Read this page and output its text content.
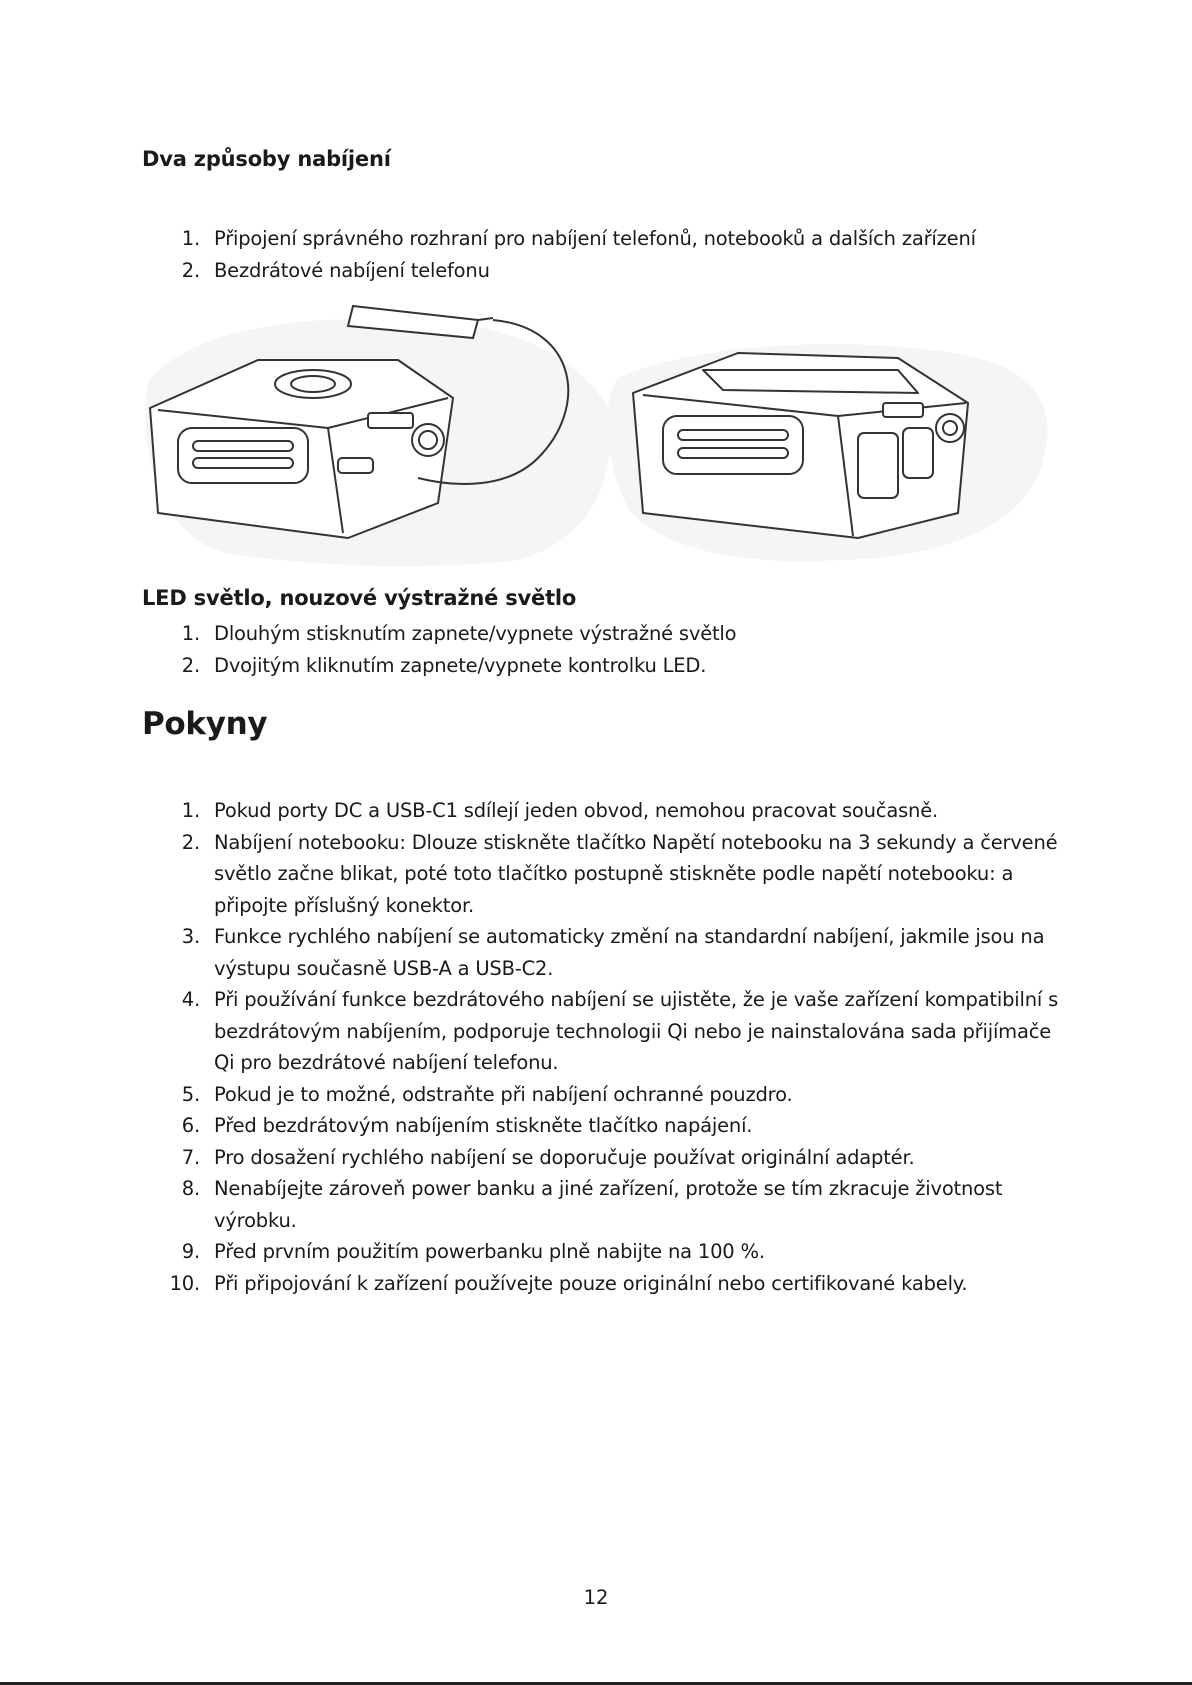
Dva způsoby nabíjení
1. Připojení správného rozhraní pro nabíjení telefonů, notebooků a dalších zařízení
2. Bezdrátové nabíjení telefonu
LED světlo, nouzové výstražné světlo
1. Dlouhým stisknutím zapnete/vypnete výstražné světlo
2. Dvojitým kliknutím zapnete/vypnete kontrolku LED.
Pokyny
1. Pokud porty DC a USB-C1 sdílejí jeden obvod, nemohou pracovat současně.
2. Nabíjení notebooku: Dlouze stiskněte tlačítko Napětí notebooku na 3 sekundy a červené světlo začne blikat, poté toto tlačítko postupně stiskněte podle napětí notebooku: a připojte příslušný konektor.
3. Funkce rychlého nabíjení se automaticky změní na standardní nabíjení, jakmile jsou na výstupu současně USB-A a USB-C2.
4. Při používání funkce bezdrátového nabíjení se ujistěte, že je vaše zařízení kompatibilní s bezdrátovým nabíjením, podporuje technologii Qi nebo je nainstalována sada přijímače Qi pro bezdrátové nabíjení telefonu.
5. Pokud je to možné, odstraňte při nabíjení ochranné pouzdro.
6. Před bezdrátovým nabíjením stiskněte tlačítko napájení.
7. Pro dosažení rychlého nabíjení se doporučuje používat originální adaptér.
8. Nenabíjejte zároveň power banku a jiné zařízení, protože se tím zkracuje životnost výrobku.
9. Před prvním použitím powerbanku plně nabijte na 100 %.
10. Při připojování k zařízení používejte pouze originální nebo certifikované kabely.
12
